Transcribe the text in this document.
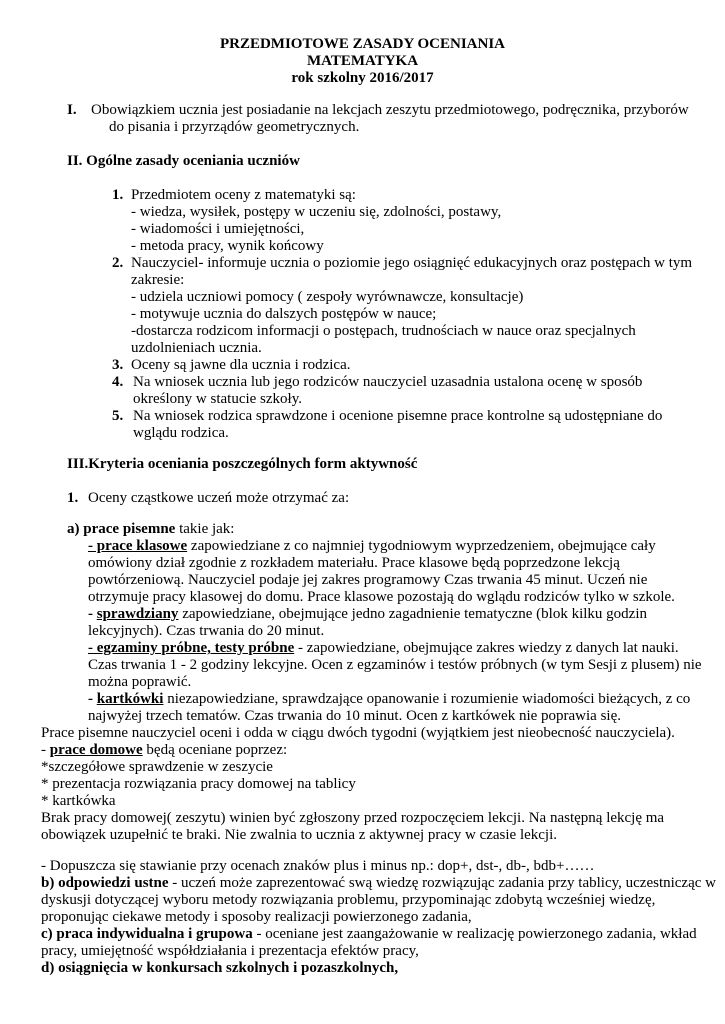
PRZEDMIOTOWE ZASADY OCENIANIA
MATEMATYKA
rok szkolny 2016/2017
I. Obowiązkiem ucznia jest posiadanie na lekcjach zeszytu przedmiotowego, podręcznika, przyborów
do pisania i przyrządów geometrycznych.
II. Ogólne zasady oceniania uczniów
1. Przedmiotem oceny z matematyki są:
- wiedza, wysiłek, postępy w uczeniu się, zdolności, postawy,
- wiadomości i umiejętności,
- metoda pracy, wynik końcowy
2. Nauczyciel- informuje ucznia o poziomie jego osiągnięć edukacyjnych oraz postępach w tym
zakresie:
- udziela uczniowi pomocy ( zespoły wyrównawcze, konsultacje)
- motywuje ucznia do dalszych postępów w nauce;
-dostarcza rodzicom informacji o postępach, trudnościach w nauce oraz specjalnych
uzdolnieniach ucznia.
3. Oceny są jawne dla ucznia i rodzica.
4. Na wniosek ucznia lub jego rodziców nauczyciel uzasadnia ustalona ocenę w sposób
określony w statucie szkoły.
5. Na wniosek rodzica sprawdzone i ocenione pisemne prace kontrolne są udostępniane do
wglądu rodzica.
III.Kryteria oceniania poszczególnych form aktywność
1. Oceny cząstkowe uczeń może otrzymać za:
a) prace pisemne takie jak:
- prace klasowe zapowiedziane z co najmniej tygodniowym wyprzedzeniem, obejmujące cały
omówiony dział zgodnie z rozkładem materiału. Prace klasowe będą poprzedzone lekcją
powtórzeniową. Nauczyciel podaje jej zakres programowy Czas trwania 45 minut. Uczeń nie
otrzymuje pracy klasowej do domu. Prace klasowe pozostają do wglądu rodziców tylko w szkole.
- sprawdziany zapowiedziane, obejmujące jedno zagadnienie tematyczne (blok kilku godzin
lekcyjnych). Czas trwania do 20 minut.
- egzaminy próbne, testy próbne - zapowiedziane, obejmujące zakres wiedzy z danych lat nauki.
Czas trwania 1 - 2 godziny lekcyjne. Ocen z egzaminów i testów próbnych (w tym Sesji z plusem) nie
można poprawić.
- kartkówki niezapowiedziane, sprawdzające opanowanie i rozumienie wiadomości bieżących, z co
najwyżej trzech tematów. Czas trwania do 10 minut. Ocen z kartkówek nie poprawia się.
Prace pisemne nauczyciel oceni i odda w ciągu dwóch tygodni (wyjątkiem jest nieobecność nauczyciela).
- prace domowe będą oceniane poprzez:
*szczegółowe sprawdzenie w zeszycie
* prezentacja rozwiązania pracy domowej na tablicy
* kartkówka
Brak pracy domowej( zeszytu) winien być zgłoszony przed rozpoczęciem lekcji. Na następną lekcję ma
obowiązek uzupełnić te braki. Nie zwalnia to ucznia z aktywnej pracy w czasie lekcji.
- Dopuszcza się stawianie przy ocenach znaków plus i minus np.: dop+, dst-, db-, bdb+……
b) odpowiedzi ustne - uczeń może zaprezentować swą wiedzę rozwiązując zadania przy tablicy, uczestnicząc w
dyskusji dotyczącej wyboru metody rozwiązania problemu, przypominając zdobytą wcześniej wiedzę,
proponując ciekawe metody i sposoby realizacji powierzonego zadania,
c) praca indywidualna i grupowa - oceniane jest zaangażowanie w realizację powierzonego zadania, wkład
pracy, umiejętność współdziałania i prezentacja efektów pracy,
d) osiągnięcia w konkursach szkolnych i pozaszkolnych,
